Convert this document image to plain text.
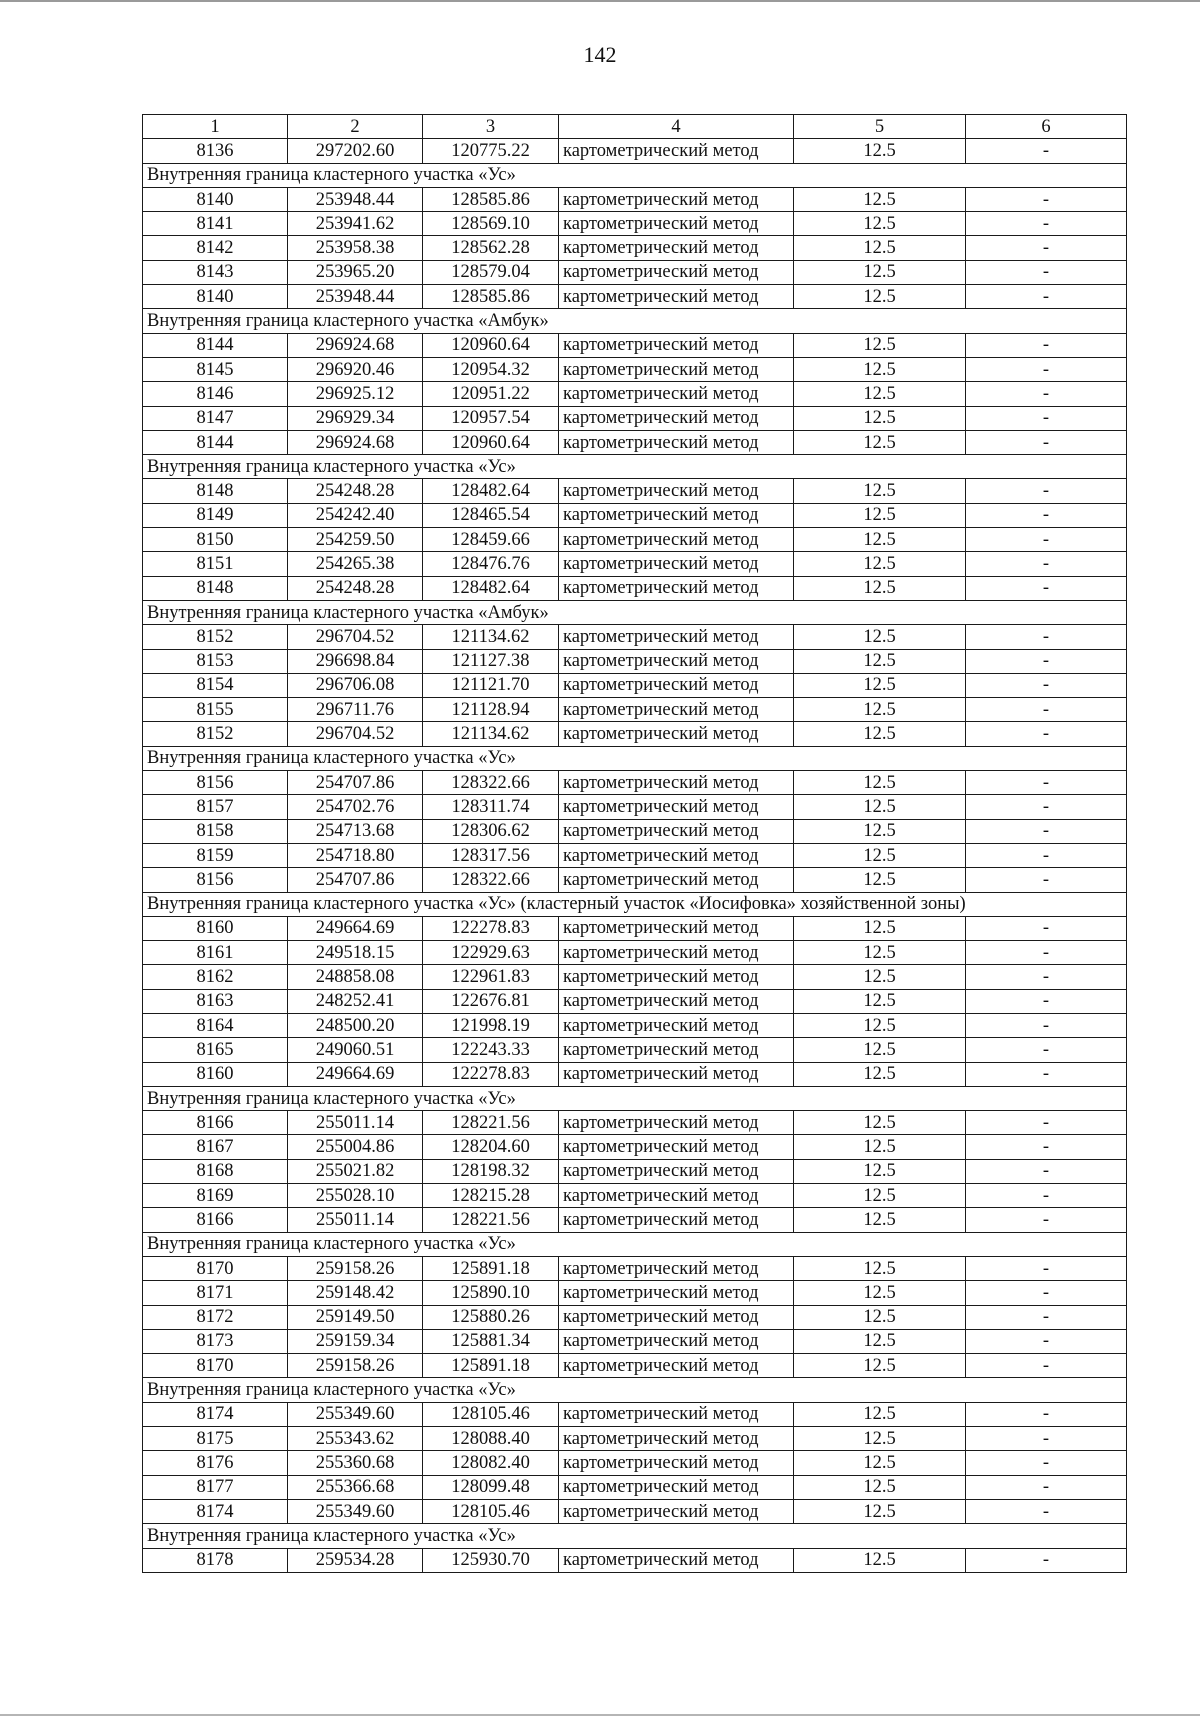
142
1	2	3	4	5	6
8136	297202.60	120775.22	картометрический метод	12.5	-
Внутренняя граница кластерного участка «Ус»					
8140	253948.44	128585.86	картометрический метод	12.5	-
8141	253941.62	128569.10	картометрический метод	12.5	-
8142	253958.38	128562.28	картометрический метод	12.5	-
8143	253965.20	128579.04	картометрический метод	12.5	-
8140	253948.44	128585.86	картометрический метод	12.5	-
Внутренняя граница кластерного участка «Амбук»					
8144	296924.68	120960.64	картометрический метод	12.5	-
8145	296920.46	120954.32	картометрический метод	12.5	-
8146	296925.12	120951.22	картометрический метод	12.5	-
8147	296929.34	120957.54	картометрический метод	12.5	-
8144	296924.68	120960.64	картометрический метод	12.5	-
Внутренняя граница кластерного участка «Ус»					
8148	254248.28	128482.64	картометрический метод	12.5	-
8149	254242.40	128465.54	картометрический метод	12.5	-
8150	254259.50	128459.66	картометрический метод	12.5	-
8151	254265.38	128476.76	картометрический метод	12.5	-
8148	254248.28	128482.64	картометрический метод	12.5	-
Внутренняя граница кластерного участка «Амбук»					
8152	296704.52	121134.62	картометрический метод	12.5	-
8153	296698.84	121127.38	картометрический метод	12.5	-
8154	296706.08	121121.70	картометрический метод	12.5	-
8155	296711.76	121128.94	картометрический метод	12.5	-
8152	296704.52	121134.62	картометрический метод	12.5	-
Внутренняя граница кластерного участка «Ус»					
8156	254707.86	128322.66	картометрический метод	12.5	-
8157	254702.76	128311.74	картометрический метод	12.5	-
8158	254713.68	128306.62	картометрический метод	12.5	-
8159	254718.80	128317.56	картометрический метод	12.5	-
8156	254707.86	128322.66	картометрический метод	12.5	-
Внутренняя граница кластерного участка «Ус» (кластерный участок «Иосифовка» хозяйственной зоны)					
8160	249664.69	122278.83	картометрический метод	12.5	-
8161	249518.15	122929.63	картометрический метод	12.5	-
8162	248858.08	122961.83	картометрический метод	12.5	-
8163	248252.41	122676.81	картометрический метод	12.5	-
8164	248500.20	121998.19	картометрический метод	12.5	-
8165	249060.51	122243.33	картометрический метод	12.5	-
8160	249664.69	122278.83	картометрический метод	12.5	-
Внутренняя граница кластерного участка «Ус»					
8166	255011.14	128221.56	картометрический метод	12.5	-
8167	255004.86	128204.60	картометрический метод	12.5	-
8168	255021.82	128198.32	картометрический метод	12.5	-
8169	255028.10	128215.28	картометрический метод	12.5	-
8166	255011.14	128221.56	картометрический метод	12.5	-
Внутренняя граница кластерного участка «Ус»					
8170	259158.26	125891.18	картометрический метод	12.5	-
8171	259148.42	125890.10	картометрический метод	12.5	-
8172	259149.50	125880.26	картометрический метод	12.5	-
8173	259159.34	125881.34	картометрический метод	12.5	-
8170	259158.26	125891.18	картометрический метод	12.5	-
Внутренняя граница кластерного участка «Ус»					
8174	255349.60	128105.46	картометрический метод	12.5	-
8175	255343.62	128088.40	картометрический метод	12.5	-
8176	255360.68	128082.40	картометрический метод	12.5	-
8177	255366.68	128099.48	картометрический метод	12.5	-
8174	255349.60	128105.46	картометрический метод	12.5	-
Внутренняя граница кластерного участка «Ус»					
8178	259534.28	125930.70	картометрический метод	12.5	-
